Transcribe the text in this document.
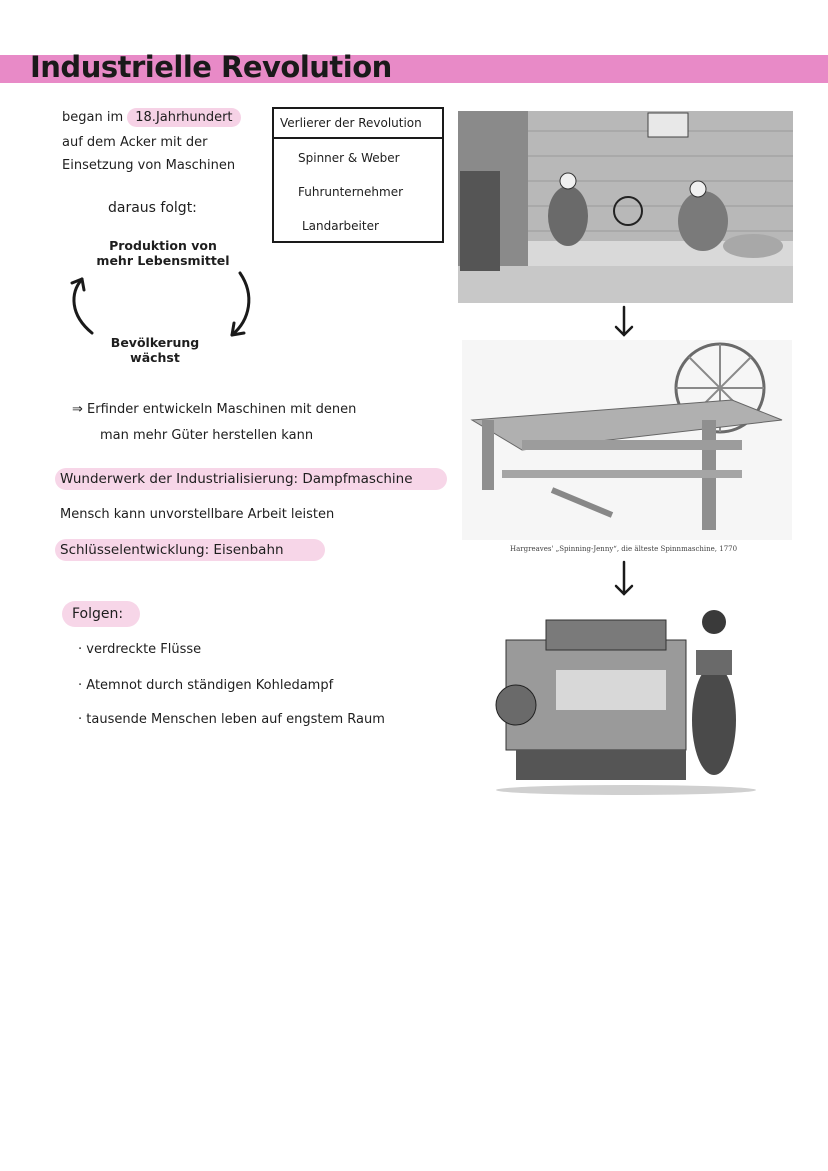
Industrielle Revolution
began im 18.Jahrhundert
auf dem Acker mit der
Einsetzung von Maschinen
daraus folgt:
Produktion von
mehr Lebensmittel
Bevölkerung
wächst
Verlierer der Revolution
Spinner & Weber
Fuhrunternehmer
Landarbeiter
⇒ Erfinder entwickeln Maschinen mit denen
man mehr Güter herstellen kann
Wunderwerk der Industrialisierung: Dampfmaschine
Mensch kann unvorstellbare Arbeit leisten
Schlüsselentwicklung: Eisenbahn
Folgen:
· verdreckte Flüsse
· Atemnot durch ständigen Kohledampf
· tausende Menschen leben auf engstem Raum
Hargreaves' „Spinning-Jenny“, die älteste Spinnmaschine, 1770
